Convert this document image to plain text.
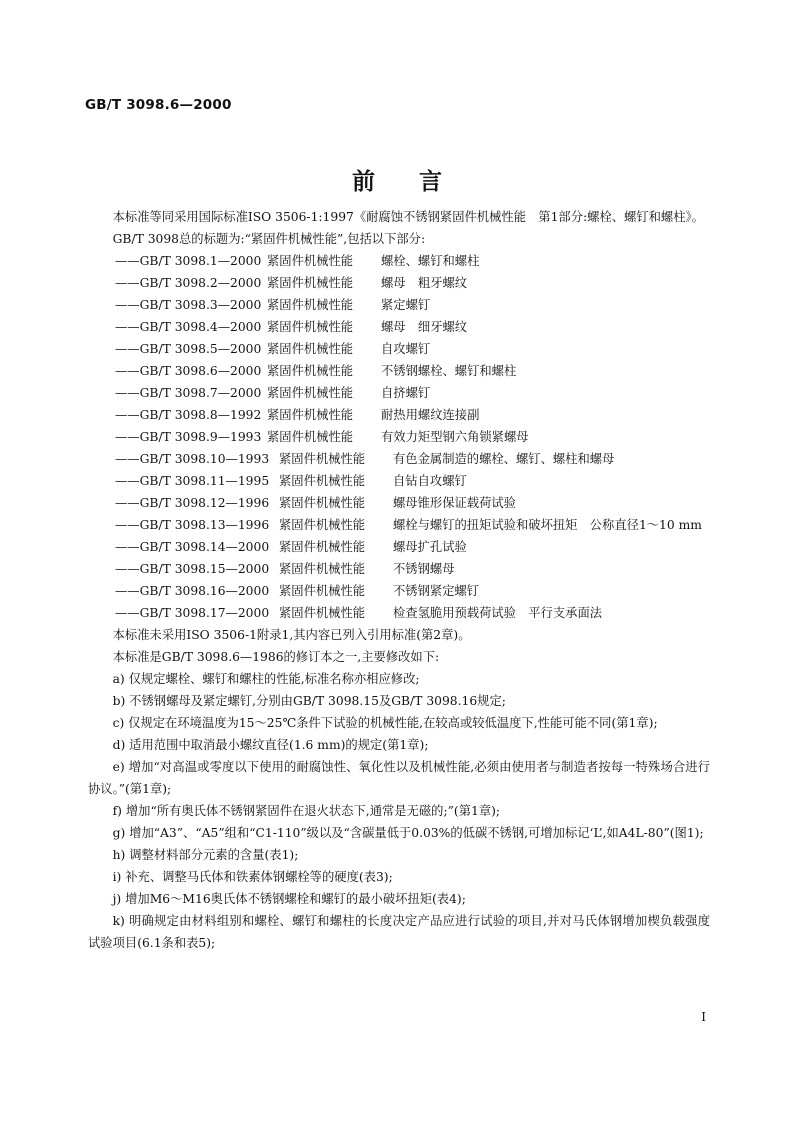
GB/T 3098.6—2000
前言

本标准等同采用国际标准ISO 3506-1:1997《耐腐蚀不锈钢紧固件机械性能　第1部分:螺栓、螺钉和螺柱》。

GB/T 3098总的标题为:“紧固件机械性能”,包括以下部分:

——GB/T 3098.1—2000 紧固件机械性能 螺栓、螺钉和螺柱
——GB/T 3098.2—2000 紧固件机械性能 螺母　粗牙螺纹
——GB/T 3098.3—2000 紧固件机械性能 紧定螺钉
——GB/T 3098.4—2000 紧固件机械性能 螺母　细牙螺纹
——GB/T 3098.5—2000 紧固件机械性能 自攻螺钉
——GB/T 3098.6—2000 紧固件机械性能 不锈钢螺栓、螺钉和螺柱
——GB/T 3098.7—2000 紧固件机械性能 自挤螺钉
——GB/T 3098.8—1992 紧固件机械性能 耐热用螺纹连接副
——GB/T 3098.9—1993 紧固件机械性能 有效力矩型钢六角锁紧螺母
——GB/T 3098.10—1993 紧固件机械性能 有色金属制造的螺栓、螺钉、螺柱和螺母
——GB/T 3098.11—1995 紧固件机械性能 自钻自攻螺钉
——GB/T 3098.12—1996 紧固件机械性能 螺母锥形保证载荷试验
——GB/T 3098.13—1996 紧固件机械性能 螺栓与螺钉的扭矩试验和破坏扭矩　公称直径1～10 mm
——GB/T 3098.14—2000 紧固件机械性能 螺母扩孔试验
——GB/T 3098.15—2000 紧固件机械性能 不锈钢螺母
——GB/T 3098.16—2000 紧固件机械性能 不锈钢紧定螺钉
——GB/T 3098.17—2000 紧固件机械性能 检查氢脆用预载荷试验　平行支承面法

本标准未采用ISO 3506-1附录1,其内容已列入引用标准(第2章)。

本标准是GB/T 3098.6—1986的修订本之一,主要修改如下:

a) 仅规定螺栓、螺钉和螺柱的性能,标准名称亦相应修改;

b) 不锈钢螺母及紧定螺钉,分别由GB/T 3098.15及GB/T 3098.16规定;

c) 仅规定在环境温度为15～25℃条件下试验的机械性能,在较高或较低温度下,性能可能不同(第1章);

d) 适用范围中取消最小螺纹直径(1.6 mm)的规定(第1章);

e) 增加“对高温或零度以下使用的耐腐蚀性、氧化性以及机械性能,必须由使用者与制造者按每一特殊场合进行协议。”(第1章);

f) 增加“所有奥氏体不锈钢紧固件在退火状态下,通常是无磁的;”(第1章);

g) 增加“A3”、“A5”组和“C1-110”级以及“含碳量低于0.03%的低碳不锈钢,可增加标记‘L’,如A4L-80”(图1);

h) 调整材料部分元素的含量(表1);

i) 补充、调整马氏体和铁素体钢螺栓等的硬度(表3);

j) 增加M6～M16奥氏体不锈钢螺栓和螺钉的最小破坏扭矩(表4);

k) 明确规定由材料组别和螺栓、螺钉和螺柱的长度决定产品应进行试验的项目,并对马氏体钢增加楔负载强度试验项目(6.1条和表5);

I
